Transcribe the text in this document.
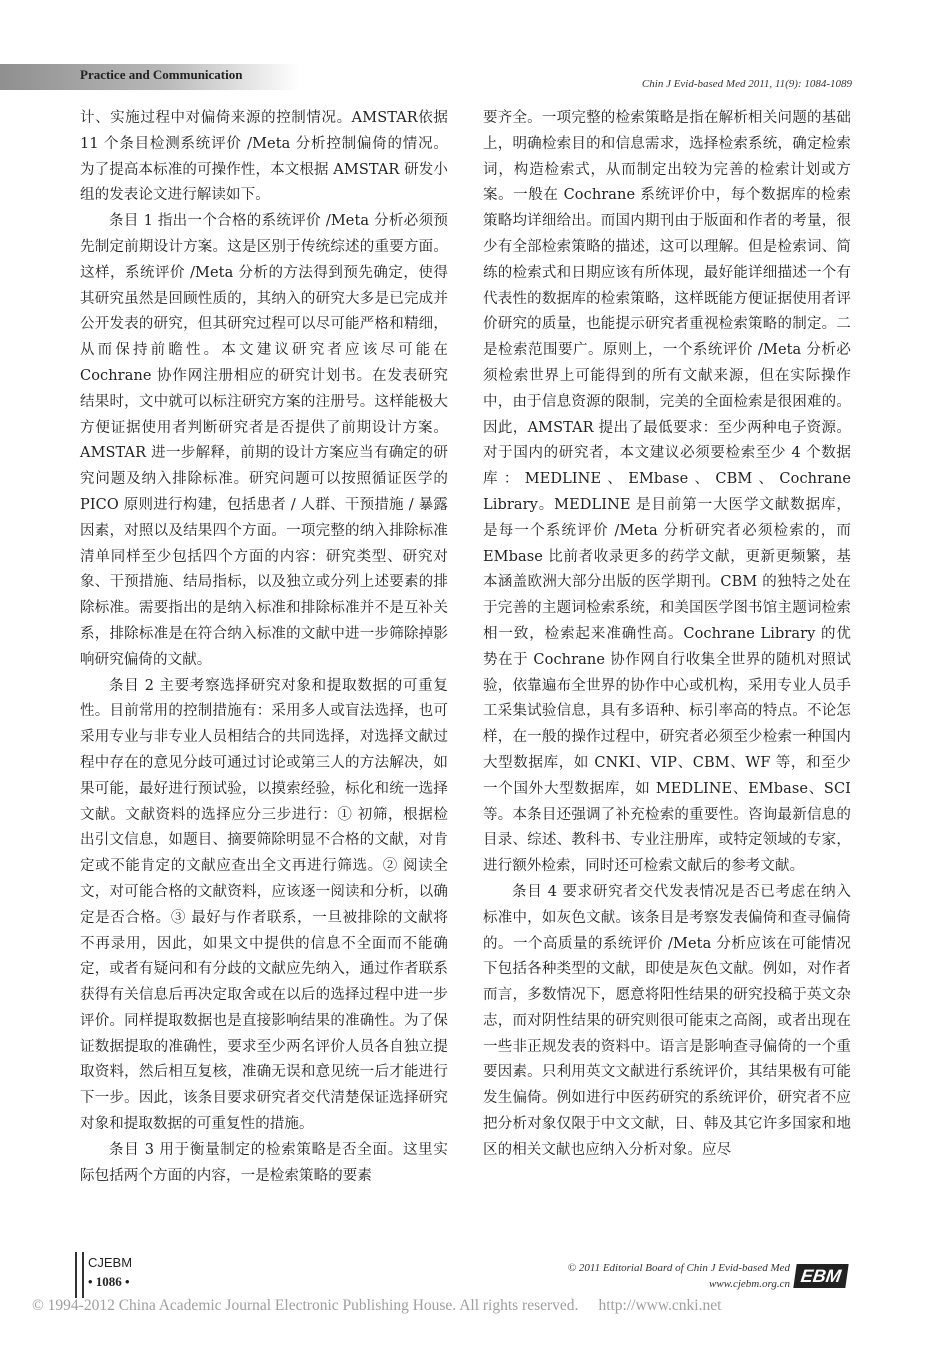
Practice and Communication
Chin J Evid-based Med 2011, 11(9): 1084-1089

计、实施过程中对偏倚来源的控制情况。AMSTAR依据 11 个条目检测系统评价 /Meta 分析控制偏倚的情况。为了提高本标准的可操作性，本文根据 AMSTAR 研发小组的发表论文进行解读如下。

条目 1 指出一个合格的系统评价 /Meta 分析必须预先制定前期设计方案。这是区别于传统综述的重要方面。这样，系统评价 /Meta 分析的方法得到预先确定，使得其研究虽然是回顾性质的，其纳入的研究大多是已完成并公开发表的研究，但其研究过程可以尽可能严格和精细，从而保持前瞻性。本文建议研究者应该尽可能在 Cochrane 协作网注册相应的研究计划书。在发表研究结果时，文中就可以标注研究方案的注册号。这样能极大方便证据使用者判断研究者是否提供了前期设计方案。AMSTAR 进一步解释，前期的设计方案应当有确定的研究问题及纳入排除标准。研究问题可以按照循证医学的 PICO 原则进行构建，包括患者 / 人群、干预措施 / 暴露因素，对照以及结果四个方面。一项完整的纳入排除标准清单同样至少包括四个方面的内容：研究类型、研究对象、干预措施、结局指标，以及独立或分列上述要素的排除标准。需要指出的是纳入标准和排除标准并不是互补关系，排除标准是在符合纳入标准的文献中进一步筛除掉影响研究偏倚的文献。

条目 2 主要考察选择研究对象和提取数据的可重复性。目前常用的控制措施有：采用多人或盲法选择，也可采用专业与非专业人员相结合的共同选择，对选择文献过程中存在的意见分歧可通过讨论或第三人的方法解决，如果可能，最好进行预试验，以摸索经验，标化和统一选择文献。文献资料的选择应分三步进行：① 初筛，根据检出引文信息，如题目、摘要筛除明显不合格的文献，对肯定或不能肯定的文献应查出全文再进行筛选。② 阅读全文，对可能合格的文献资料，应该逐一阅读和分析，以确定是否合格。③ 最好与作者联系，一旦被排除的文献将不再录用，因此，如果文中提供的信息不全面而不能确定，或者有疑问和有分歧的文献应先纳入，通过作者联系获得有关信息后再决定取舍或在以后的选择过程中进一步评价。同样提取数据也是直接影响结果的准确性。为了保证数据提取的准确性，要求至少两名评价人员各自独立提取资料，然后相互复核，准确无误和意见统一后才能进行下一步。因此，该条目要求研究者交代清楚保证选择研究对象和提取数据的可重复性的措施。

条目 3 用于衡量制定的检索策略是否全面。这里实际包括两个方面的内容，一是检索策略的要素

要齐全。一项完整的检索策略是指在解析相关问题的基础上，明确检索目的和信息需求，选择检索系统，确定检索词，构造检索式，从而制定出较为完善的检索计划或方案。一般在 Cochrane 系统评价中，每个数据库的检索策略均详细给出。而国内期刊由于版面和作者的考量，很少有全部检索策略的描述，这可以理解。但是检索词、简练的检索式和日期应该有所体现，最好能详细描述一个有代表性的数据库的检索策略，这样既能方便证据使用者评价研究的质量，也能提示研究者重视检索策略的制定。二是检索范围要广。原则上，一个系统评价 /Meta 分析必须检索世界上可能得到的所有文献来源，但在实际操作中，由于信息资源的限制，完美的全面检索是很困难的。因此，AMSTAR 提出了最低要求：至少两种电子资源。对于国内的研究者，本文建议必须要检索至少 4 个数据库：MEDLINE、EMbase、CBM、Cochrane Library。MEDLINE 是目前第一大医学文献数据库，是每一个系统评价 /Meta 分析研究者必须检索的，而 EMbase 比前者收录更多的药学文献，更新更频繁，基本涵盖欧洲大部分出版的医学期刊。CBM 的独特之处在于完善的主题词检索系统，和美国医学图书馆主题词检索相一致，检索起来准确性高。Cochrane Library 的优势在于 Cochrane 协作网自行收集全世界的随机对照试验，依靠遍布全世界的协作中心或机构，采用专业人员手工采集试验信息，具有多语种、标引率高的特点。不论怎样，在一般的操作过程中，研究者必须至少检索一种国内大型数据库，如 CNKI、VIP、CBM、WF 等，和至少一个国外大型数据库，如 MEDLINE、EMbase、SCI 等。本条目还强调了补充检索的重要性。咨询最新信息的目录、综述、教科书、专业注册库，或特定领域的专家，进行额外检索，同时还可检索文献后的参考文献。

条目 4 要求研究者交代发表情况是否已考虑在纳入标准中，如灰色文献。该条目是考察发表偏倚和查寻偏倚的。一个高质量的系统评价 /Meta 分析应该在可能情况下包括各种类型的文献，即使是灰色文献。例如，对作者而言，多数情况下，愿意将阳性结果的研究投稿于英文杂志，而对阴性结果的研究则很可能束之高阁，或者出现在一些非正规发表的资料中。语言是影响查寻偏倚的一个重要因素。只利用英文文献进行系统评价，其结果极有可能发生偏倚。例如进行中医药研究的系统评价，研究者不应把分析对象仅限于中文文献，日、韩及其它许多国家和地区的相关文献也应纳入分析对象。应尽

CJEBM
• 1086 •
© 2011 Editorial Board of Chin J Evid-based Med
www.cjebm.org.cn EBM
© 1994-2012 China Academic Journal Electronic Publishing House. All rights reserved. http://www.cnki.net
